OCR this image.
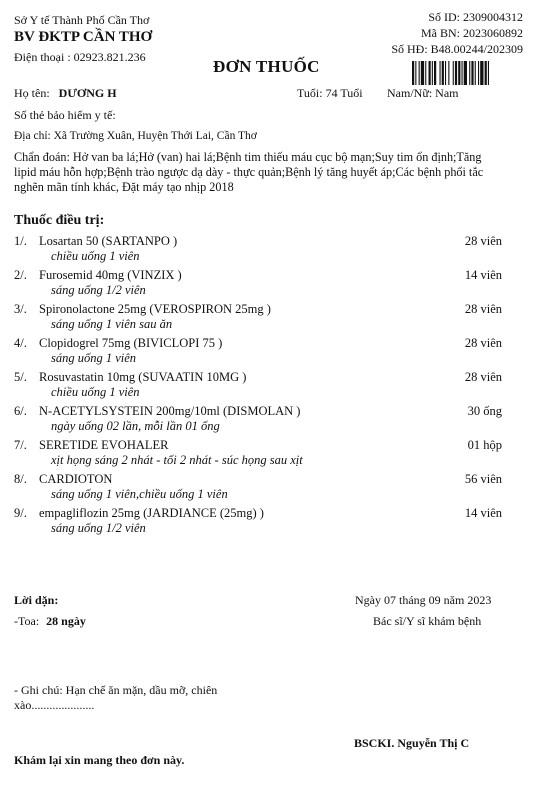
Sở Y tế Thành Phố Cần Thơ
BV ĐKTP CẦN THƠ
Điện thoại : 02923.821.236
Số ID: 2309004312
Mã BN: 2023060892
Số HĐ: B48.00244/202309
ĐƠN THUỐC
Họ tên: DƯƠNG H	Tuổi: 74 Tuổi Nam/Nữ: Nam
Số thẻ bảo hiểm y tế:
Địa chỉ: Xã Trường Xuân, Huyện Thới Lai, Cần Thơ
Chẩn đoán: Hở van ba lá;Hở (van) hai lá;Bệnh tim thiếu máu cục bộ mạn;Suy tim ổn định;Tăng
lipid máu hỗn hợp;Bệnh trào ngược dạ dày - thực quản;Bệnh lý tăng huyết áp;Các bệnh phổi tắc
nghẽn mãn tính khác, Đặt máy tạo nhịp 2018
Thuốc điều trị:
1/. Losartan 50 (SARTANPO )	28 viên
chiều uống 1 viên
2/. Furosemid 40mg (VINZIX )	14 viên
sáng uống 1/2 viên
3/. Spironolactone 25mg (VEROSPIRON 25mg )	28 viên
sáng uống 1 viên sau ăn
4/. Clopidogrel 75mg (BIVICLOPI 75 )	28 viên
sáng uống 1 viên
5/. Rosuvastatin 10mg (SUVAATIN 10MG )	28 viên
chiều uống 1 viên
6/. N-ACETYLSYSTEIN 200mg/10ml (DISMOLAN )	30 ống
ngày uống 02 lần, mỗi lần 01 ống
7/. SERETIDE EVOHALER	01 hộp
xịt họng sáng 2 nhát - tối 2 nhát - súc họng sau xịt
8/. CARDIOTON	56 viên
sáng uống 1 viên,chiều uống 1 viên
9/. empagliflozin 25mg (JARDIANCE (25mg) )	14 viên
sáng uống 1/2 viên
Lời dặn:
-Toa: 28 ngày
Ngày 07 tháng 09 năm 2023
Bác sĩ/Y sĩ khám bệnh
- Ghi chú: Hạn chế ăn mặn, dầu mỡ, chiên
xào.....................
BSCKI. Nguyễn Thị C
Khám lại xin mang theo đơn này.
